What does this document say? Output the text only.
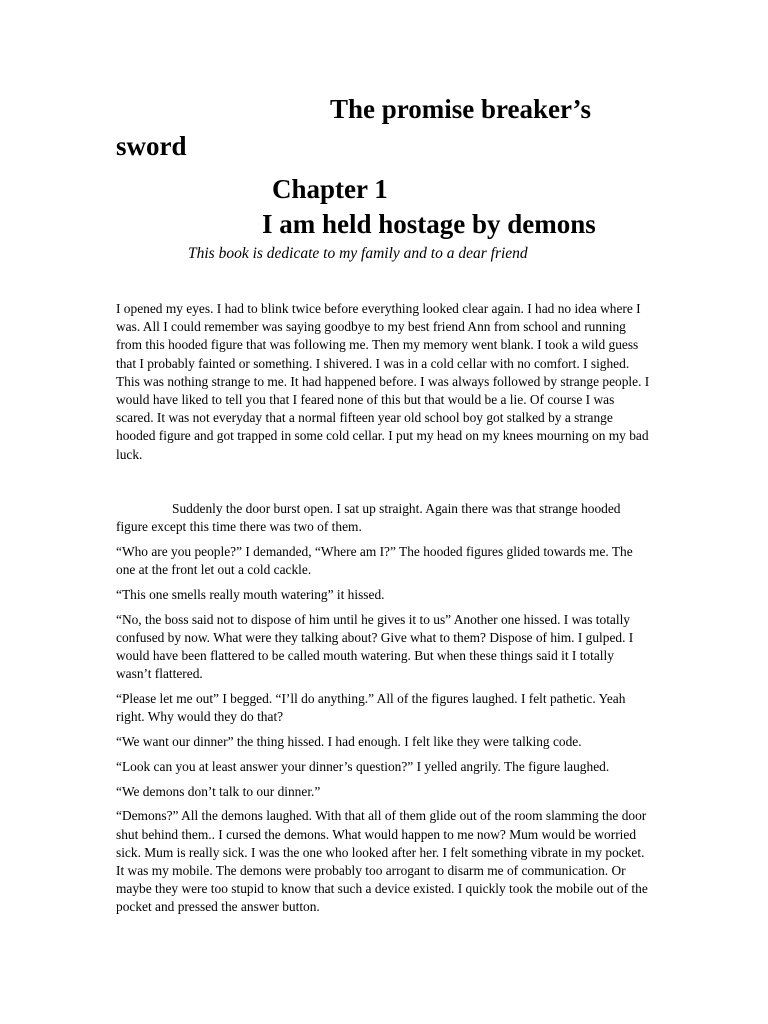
The promise breaker’s
sword
Chapter 1
I am held hostage by demons

This book is dedicate to my family and to a dear friend

I opened my eyes. I had to blink twice before everything looked clear again. I had no idea where I was. All I could remember was saying goodbye to my best friend Ann from school and running from this hooded figure that was following me. Then my memory went blank. I took a wild guess that I probably fainted or something. I shivered. I was in a cold cellar with no comfort. I sighed. This was nothing strange to me. It had happened before. I was always followed by strange people. I would have liked to tell you that I feared none of this but that would be a lie. Of course I was scared. It was not everyday that a normal fifteen year old school boy got stalked by a strange hooded figure and got trapped in some cold cellar. I put my head on my knees mourning on my bad luck.

Suddenly the door burst open. I sat up straight. Again there was that strange hooded figure except this time there was two of them.

“Who are you people?” I demanded, “Where am I?” The hooded figures glided towards me. The one at the front let out a cold cackle.

“This one smells really mouth watering” it hissed.

“No, the boss said not to dispose of him until he gives it to us” Another one hissed. I was totally confused by now. What were they talking about? Give what to them? Dispose of him. I gulped. I would have been flattered to be called mouth watering. But when these things said it I totally wasn’t flattered.

“Please let me out” I begged. “I’ll do anything.” All of the figures laughed. I felt pathetic. Yeah right. Why would they do that?

“We want our dinner” the thing hissed. I had enough. I felt like they were talking code.

“Look can you at least answer your dinner’s question?” I yelled angrily. The figure laughed.

“We demons don’t talk to our dinner.”

“Demons?” All the demons laughed. With that all of them glide out of the room slamming the door shut behind them.. I cursed the demons. What would happen to me now? Mum would be worried sick. Mum is really sick. I was the one who looked after her. I felt something vibrate in my pocket. It was my mobile. The demons were probably too arrogant to disarm me of communication. Or maybe they were too stupid to know that such a device existed. I quickly took the mobile out of the pocket and pressed the answer button.
